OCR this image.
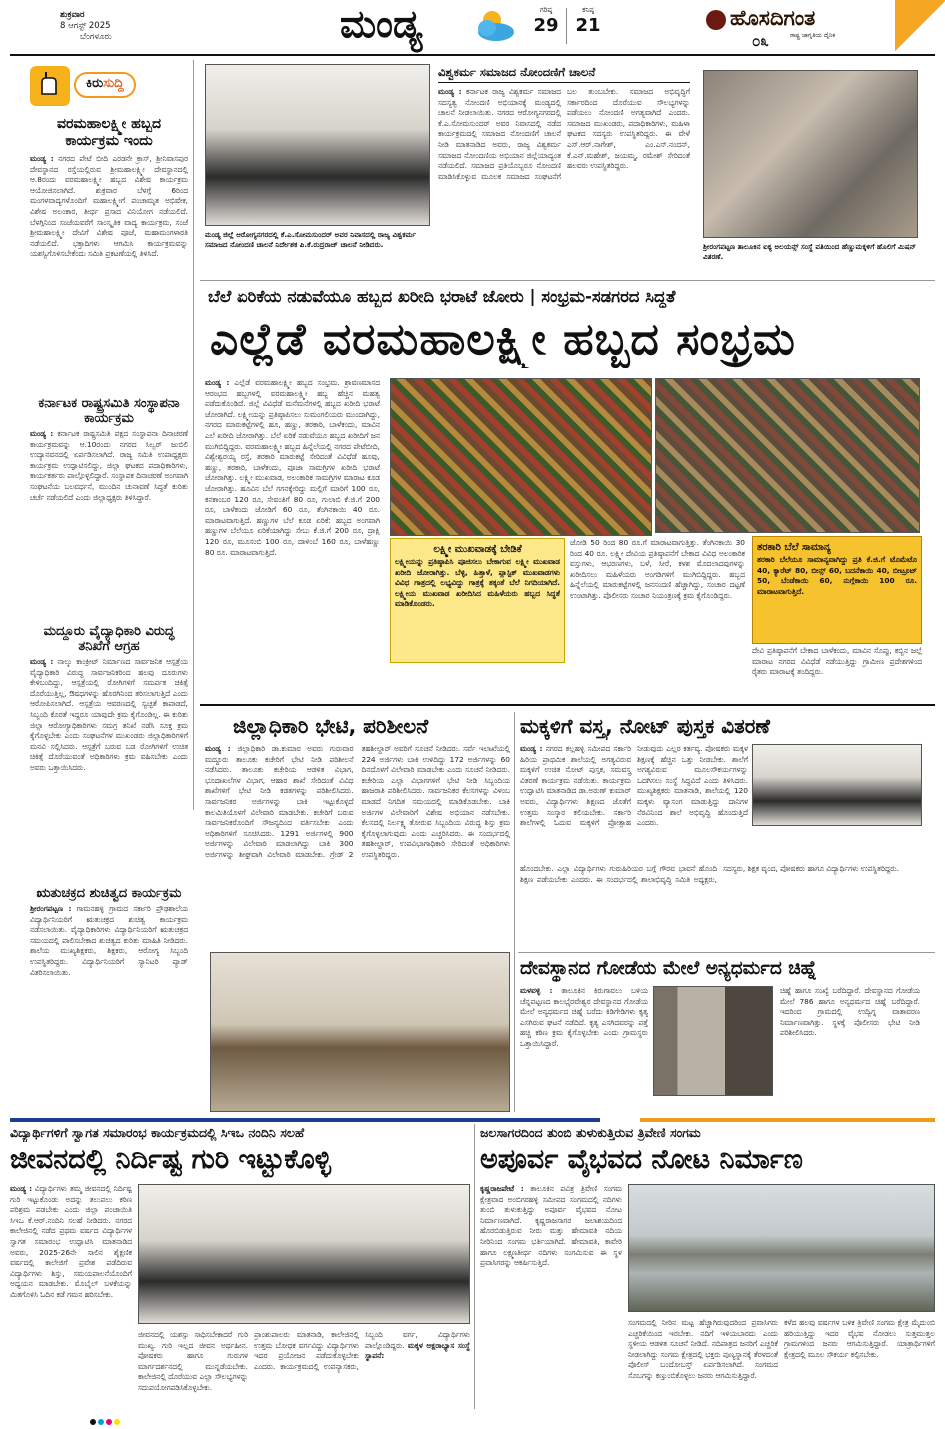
ಶುಕ್ರವಾರ
8 ಆಗಸ್ಟ್ 2025
ಬೆಂಗಳೂರು	ಮಂಡ್ಯ	ಗರಿಷ್ಠ
29
ಕನಿಷ್ಠ
21	ಹೊಸದಿಗಂತ
ರಾಷ್ಟ್ರ ಜಾಗೃತಿಯ ದೈನಿಕ
೦೩
ಕಿರುಸುದ್ದಿ
ವರಮಹಾಲಕ್ಷ್ಮೀ ಹಬ್ಬದ ಕಾರ್ಯಕ್ರಮ ಇಂದು
ಮಂಡ್ಯ : ನಗರದ ಪೇಟೆ ಬೀದಿ ಎರಡನೇ ಕ್ರಾಸ್, ಶ್ರೀನಿವಾಸಪುರ ದೇವಸ್ಥಾನದ ರಸ್ತೆಯಲ್ಲಿರುವ ಶ್ರೀಮಹಾಲಕ್ಷ್ಮೀ ದೇವಸ್ಥಾನದಲ್ಲಿ ಆ.8ರಂದು ವರಮಹಾಲಕ್ಷ್ಮೀ ಹಬ್ಬದ ವಿಶೇಷ ಕಾರ್ಯಕ್ರಮ ಆಯೋಜಿಸಲಾಗಿದೆ. ಶುಕ್ರವಾರ ಬೆಳಗ್ಗೆ 6ರಿಂದ ಮಂಗಳವಾದ್ಯಗಳೊಂದಿಗೆ ಮಹಾಲಕ್ಷ್ಮೀಗೆ ಪಂಚಾಮೃತ ಅಭಿಷೇಕ, ವಿಶೇಷ ಅಲಂಕಾರ, ತೀರ್ಥ ಪ್ರಸಾದ ವಿನಿಯೋಗ ನಡೆಯಲಿದೆ. ಬೆಳಗ್ಗಿನಿಂದ ಸಂಜೆಯವರೆಗೆ ಸಾಂಸ್ಕೃತಿಕ ವಾದ್ಯ ಕಾರ್ಯಕ್ರಮ, ಸಂಜೆ ಶ್ರೀಮಹಾಲಕ್ಷ್ಮೀ ದೇವಿಗೆ ವಿಶೇಷ ಪೂಜೆ, ಮಹಾಮಂಗಳಾರತಿ ನಡೆಯಲಿದೆ. ಭಕ್ತಾದಿಗಳು ಆಗಮಿಸಿ ಕಾರ್ಯಕ್ರಮವನ್ನು ಯಶಸ್ವಿಗೊಳಿಸಬೇಕೆಂದು ಸಮಿತಿ ಪ್ರಕಟಣೆಯಲ್ಲಿ ತಿಳಿಸಿದೆ.
ಕರ್ನಾಟಕ ರಾಷ್ಟ್ರಸಮಿತಿ ಸಂಸ್ಥಾಪನಾ ಕಾರ್ಯಕ್ರಮ
ಮಂಡ್ಯ : ಕರ್ನಾಟಕ ರಾಷ್ಟ್ರಸಮಿತಿ ಪಕ್ಷದ ಸಂಸ್ಥಾಪನಾ ದಿನಾಚರಣೆ ಕಾರ್ಯಕ್ರಮವನ್ನು ಆ.10ರಂದು ನಗರದ ಸಿಲ್ವರ್ ಜುಬಿಲಿ ಉದ್ಯಾನವನದಲ್ಲಿ ಏರ್ಪಡಿಸಲಾಗಿದೆ. ರಾಜ್ಯ ಸಮಿತಿ ಉಪಾಧ್ಯಕ್ಷರು ಕಾರ್ಯಕ್ರಮ ಉದ್ಘಾಟಿಸಲಿದ್ದು, ಜಿಲ್ಲಾ ಘಟಕದ ಪದಾಧಿಕಾರಿಗಳು, ಕಾರ್ಯಕರ್ತರು ಪಾಲ್ಗೊಳ್ಳಲಿದ್ದಾರೆ. ಸಂಸ್ಥಾಪಕ ದಿನಾಚರಣೆ ಅಂಗವಾಗಿ ಸಂಘಟನೆಯ ಬಲವರ್ಧನೆ, ಮುಂದಿನ ಚುನಾವಣೆ ಸಿದ್ಧತೆ ಕುರಿತು ಚರ್ಚೆ ನಡೆಯಲಿದೆ ಎಂದು ಜಿಲ್ಲಾಧ್ಯಕ್ಷರು ತಿಳಿಸಿದ್ದಾರೆ.
ಮದ್ದೂರು ವೈದ್ಯಾಧಿಕಾರಿ ವಿರುದ್ಧ ತನಿಖೆಗೆ ಆಗ್ರಹ
ಮಂಡ್ಯ : ನಾಲ್ಕು ಕಾಂಕ್ರೀಟ್ ನಿರ್ಮಾಣದ ಸಾರ್ವಜನಿಕ ಆಸ್ಪತ್ರೆಯ ವೈದ್ಯಾಧಿಕಾರಿ ವಿರುದ್ಧ ಸಾರ್ವಜನಿಕರಿಂದ ಹಲವು ದೂರುಗಳು ಕೇಳಿಬಂದಿದ್ದು, ಆಸ್ಪತ್ರೆಯಲ್ಲಿ ರೋಗಿಗಳಿಗೆ ಸಮರ್ಪಕ ಚಿಕಿತ್ಸೆ ದೊರೆಯುತ್ತಿಲ್ಲ, ಔಷಧಗಳನ್ನು ಹೊರಗಿನಿಂದ ತರಿಸಲಾಗುತ್ತಿದೆ ಎಂದು ಆರೋಪಿಸಲಾಗಿದೆ. ಆಸ್ಪತ್ರೆಯ ಆವರಣದಲ್ಲಿ ಸ್ವಚ್ಛತೆ ಕಾಪಾಡದೆ, ಸಿಬ್ಬಂದಿ ಕೊರತೆ ಇದ್ದರೂ ಯಾವುದೇ ಕ್ರಮ ಕೈಗೊಂಡಿಲ್ಲ. ಈ ಕುರಿತು ಜಿಲ್ಲಾ ಆರೋಗ್ಯಾಧಿಕಾರಿಗಳು ಸಮಗ್ರ ತನಿಖೆ ನಡೆಸಿ ಸೂಕ್ತ ಕ್ರಮ ಕೈಗೊಳ್ಳಬೇಕು ಎಂದು ಸಂಘಟನೆಗಳ ಮುಖಂಡರು ಜಿಲ್ಲಾಧಿಕಾರಿಗಳಿಗೆ ಮನವಿ ಸಲ್ಲಿಸಿದರು. ಆಸ್ಪತ್ರೆಗೆ ಬರುವ ಬಡ ರೋಗಿಗಳಿಗೆ ಉಚಿತ ಚಿಕಿತ್ಸೆ ದೊರೆಯುವಂತೆ ಅಧಿಕಾರಿಗಳು ಕ್ರಮ ವಹಿಸಬೇಕು ಎಂದು ಅವರು ಒತ್ತಾಯಿಸಿದರು.
ಋತುಚಕ್ರದ ಶುಚಿತ್ವದ ಕಾರ್ಯಕ್ರಮ
ಶ್ರೀರಂಗಪಟ್ಟಣ : ಗಾಮನಹಳ್ಳಿ ಗ್ರಾಮದ ಸರ್ಕಾರಿ ಪ್ರೌಢಶಾಲೆಯ ವಿದ್ಯಾರ್ಥಿನಿಯರಿಗೆ ಋತುಚಕ್ರದ ಶುಚಿತ್ವ ಕಾರ್ಯಕ್ರಮ ನಡೆಸಲಾಯಿತು. ವೈದ್ಯಾಧಿಕಾರಿಗಳು ವಿದ್ಯಾರ್ಥಿನಿಯರಿಗೆ ಋತುಚಕ್ರದ ಸಮಯದಲ್ಲಿ ಪಾಲಿಸಬೇಕಾದ ಶುಚಿತ್ವದ ಕುರಿತು ಮಾಹಿತಿ ನೀಡಿದರು. ಶಾಲೆಯ ಮುಖ್ಯಶಿಕ್ಷಕರು, ಶಿಕ್ಷಕರು, ಆರೋಗ್ಯ ಸಿಬ್ಬಂದಿ ಉಪಸ್ಥಿತರಿದ್ದರು. ವಿದ್ಯಾರ್ಥಿನಿಯರಿಗೆ ಸ್ಯಾನಿಟರಿ ಪ್ಯಾಡ್ ವಿತರಿಸಲಾಯಿತು.
ಮಂಡ್ಯ ಜಿಲ್ಲೆ ಆರೋಗ್ಯನಗರದಲ್ಲಿ ಕೆ.ಎ.ಸೋಮಸುಂದರ್ ಅವರ ನಿವಾಸದಲ್ಲಿ ರಾಜ್ಯ ವಿಶ್ವಕರ್ಮ ಸಮಾಜದ ನೋಂದಣಿ ಚಾಲನೆ ನಿರ್ದೇಶಕ ಪಿ.ಕೆ.ರುದ್ರರಾಜ್ ಚಾಲನೆ ನೀಡಿದರು.
ವಿಶ್ವಕರ್ಮ ಸಮಾಜದ ನೋಂದಣಿಗೆ ಚಾಲನೆ
ಮಂಡ್ಯ : ಕರ್ನಾಟಕ ರಾಜ್ಯ ವಿಶ್ವಕರ್ಮ ಸಮಾಜದ ಸದಸ್ಯತ್ವ ನೋಂದಣಿ ಅಭಿಯಾನಕ್ಕೆ ಮಂಡ್ಯದಲ್ಲಿ ಚಾಲನೆ ನೀಡಲಾಯಿತು. ನಗರದ ಆರೋಗ್ಯನಗರದಲ್ಲಿ ಕೆ.ಎ.ಸೋಮಸುಂದರ್ ಅವರ ನಿವಾಸದಲ್ಲಿ ನಡೆದ ಕಾರ್ಯಕ್ರಮದಲ್ಲಿ ಸಮಾಜದ ನೋಂದಣಿಗೆ ಚಾಲನೆ ನೀಡಿ ಮಾತನಾಡಿದ ಅವರು, ರಾಜ್ಯ ವಿಶ್ವಕರ್ಮ ಸಮಾಜದ ನೋಂದಣಿಯ ಅಭಿಯಾನ ಜಿಲ್ಲೆಯಾದ್ಯಂತ ನಡೆಯಲಿದೆ. ಸಮಾಜದ ಪ್ರತಿಯೊಬ್ಬರೂ ನೋಂದಣಿ ಮಾಡಿಸಿಕೊಳ್ಳುವ ಮೂಲಕ ಸಮಾಜದ ಸಂಘಟನೆಗೆ ಬಲ ತುಂಬಬೇಕು. ಸಮಾಜದ ಅಭಿವೃದ್ಧಿಗೆ ಸರ್ಕಾರದಿಂದ ದೊರೆಯುವ ಸೌಲಭ್ಯಗಳನ್ನು ಪಡೆಯಲು ನೋಂದಣಿ ಅಗತ್ಯವಾಗಿದೆ ಎಂದರು. ಸಮಾಜದ ಮುಖಂಡರು, ಪದಾಧಿಕಾರಿಗಳು, ಮಹಿಳಾ ಘಟಕದ ಸದಸ್ಯರು ಉಪಸ್ಥಿತರಿದ್ದರು. ಈ ವೇಳೆ ಎಸ್.ಆರ್.ನಾಗೇಶ್, ಎಂ.ಎಸ್.ನಂದನ್, ಕೆ.ಎನ್.ಮಹೇಶ್, ಜಯಮ್ಮ, ರಮೇಶ್ ಸೇರಿದಂತೆ ಹಲವರು ಉಪಸ್ಥಿತರಿದ್ದರು.
ಶ್ರೀರಂಗಪಟ್ಟಣ ತಾಲೂಕಿನ ಐಕ್ಯ ಅಲಯನ್ಸ್ ಸಂಸ್ಥೆ ವತಿಯಿಂದ ಹೆಣ್ಣುಮಕ್ಕಳಿಗೆ ಹೊಲಿಗೆ ಮಿಷನ್ ವಿತರಣೆ.
ಬೆಲೆ ಏರಿಕೆಯ ನಡುವೆಯೂ ಹಬ್ಬದ ಖರೀದಿ ಭರಾಟೆ ಜೋರು | ಸಂಭ್ರಮ-ಸಡಗರದ ಸಿದ್ಧತೆ
ಎಲ್ಲೆಡೆ ವರಮಹಾಲಕ್ಷ್ಮೀ ಹಬ್ಬದ ಸಂಭ್ರಮ
ಮಂಡ್ಯ : ಎಲ್ಲೆಡೆ ವರಮಹಾಲಕ್ಷ್ಮೀ ಹಬ್ಬದ ಸಂಭ್ರಮ. ಶ್ರಾವಣಮಾಸದ ಆರಂಭದ ಹಬ್ಬಗಳಲ್ಲಿ ವರಮಹಾಲಕ್ಷ್ಮೀ ಹಬ್ಬ ಹೆಚ್ಚಿನ ಮಹತ್ವ ಪಡೆದುಕೊಂಡಿದೆ. ಜಿಲ್ಲೆ ವಿವಿಧೆಡೆ ಮನೆಮನೆಗಳಲ್ಲಿ ಹಬ್ಬದ ಖರೀದಿ ಭರಾಟೆ ಜೋರಾಗಿದೆ. ಲಕ್ಷ್ಮೀಯನ್ನು ಪ್ರತಿಷ್ಠಾಪಿಸಲು ಸುಮಂಗಲಿಯರು ಮುಂದಾಗಿದ್ದು, ನಗರದ ಮಾರುಕಟ್ಟೆಗಳಲ್ಲಿ ಹೂ, ಹಣ್ಣು, ತರಕಾರಿ, ಬಾಳೆಕಂದು, ಮಾವಿನ ಎಲೆ ಖರೀದಿ ಜೋರಾಗಿತ್ತು. ಬೆಲೆ ಏರಿಕೆ ನಡುವೆಯೂ ಹಬ್ಬದ ಖರೀದಿಗೆ ಜನ ಮುಗಿಬಿದ್ದಿದ್ದರು. ವರಮಹಾಲಕ್ಷ್ಮೀ ಹಬ್ಬದ ಹಿನ್ನೆಲೆಯಲ್ಲಿ ನಗರದ ಪೇಟೆಬೀದಿ, ವಿಶ್ವೇಶ್ವರಯ್ಯ ರಸ್ತೆ, ತರಕಾರಿ ಮಾರುಕಟ್ಟೆ ಸೇರಿದಂತೆ ವಿವಿಧೆಡೆ ಹೂವು, ಹಣ್ಣು, ತರಕಾರಿ, ಬಾಳೆಕಂದು, ಪೂಜಾ ಸಾಮಗ್ರಿಗಳ ಖರೀದಿ ಭರಾಟೆ ಜೋರಾಗಿತ್ತು. ಲಕ್ಷ್ಮೀ ಮುಖವಾಡ, ಅಲಂಕಾರಿಕ ಸಾಮಗ್ರಿಗಳ ಮಾರಾಟ ಕೂಡ ಜೋರಾಗಿತ್ತು. ಹೂವಿನ ಬೆಲೆ ಗಗನಕ್ಕೇರಿದ್ದು ಮಲ್ಲಿಗೆ ಮಾರಿಗೆ 100 ರೂ, ಕನಕಾಂಬರ 120 ರೂ, ಸೇವಂತಿಗೆ 80 ರೂ, ಗುಲಾಬಿ ಕೆ.ಜಿ.ಗೆ 200 ರೂ, ಬಾಳೆಕಂದು ಜೋಡಿಗೆ 60 ರೂ, ತೆಂಗಿನಕಾಯಿ 40 ರೂ. ಮಾರಾಟವಾಗುತ್ತಿದೆ. ಹಣ್ಣುಗಳ ಬೆಲೆ ಕೂಡ ಏರಿಕೆ: ಹಬ್ಬದ ಅಂಗವಾಗಿ ಹಣ್ಣುಗಳ ಬೆಲೆಯೂ ಏರಿಕೆಯಾಗಿದ್ದು ಸೇಬು ಕೆ.ಜಿ.ಗೆ 200 ರೂ, ದ್ರಾಕ್ಷಿ 120 ರೂ, ಮೂಸಂಬಿ 100 ರೂ, ದಾಳಿಂಬೆ 160 ರೂ, ಬಾಳೆಹಣ್ಣು 80 ರೂ. ಮಾರಾಟವಾಗುತ್ತಿದೆ.	ಲಕ್ಷ್ಮೀ ಮುಖವಾಡಕ್ಕೆ ಬೇಡಿಕೆ
ಲಕ್ಷ್ಮೀಯನ್ನು ಪ್ರತಿಷ್ಠಾಪಿಸಿ ಪೂಜಿಸಲು ಬೇಕಾಗುವ ಲಕ್ಷ್ಮೀ ಮುಖವಾಡ ಖರೀದಿ ಜೋರಾಗಿತ್ತು. ಬೆಳ್ಳಿ, ಹಿತ್ತಾಳೆ, ಪ್ಲಾಸ್ಟಿಕ್ ಮುಖವಾಡಗಳು ವಿವಿಧ ಗಾತ್ರದಲ್ಲಿ ಲಭ್ಯವಿದ್ದು ಗಾತ್ರಕ್ಕೆ ತಕ್ಕಂತೆ ಬೆಲೆ ನಿಗದಿಯಾಗಿದೆ. ಲಕ್ಷ್ಮೀಯ ಮುಖವಾಡ ಖರೀದಿಸಿದ ಮಹಿಳೆಯರು ಹಬ್ಬದ ಸಿದ್ಧತೆ ಮಾಡಿಕೊಂಡರು.
ಜೋಡಿ 50 ರಿಂದ 80 ರೂ.ಗೆ ಮಾರಾಟವಾಗುತ್ತಿತ್ತು. ತೆಂಗಿನಕಾಯಿ 30 ರಿಂದ 40 ರೂ. ಲಕ್ಷ್ಮೀ ದೇವಿಯ ಪ್ರತಿಷ್ಠಾಪನೆಗೆ ಬೇಕಾದ ವಿವಿಧ ಅಲಂಕಾರಿಕ ವಸ್ತುಗಳು, ಆಭರಣಗಳು, ಬಳೆ, ಸೀರೆ, ಕಳಶ ಮೊದಲಾದವುಗಳನ್ನು ಖರೀದಿಸಲು ಮಹಿಳೆಯರು ಅಂಗಡಿಗಳಿಗೆ ಮುಗಿಬಿದ್ದಿದ್ದರು. ಹಬ್ಬದ ಹಿನ್ನೆಲೆಯಲ್ಲಿ ಮಾರುಕಟ್ಟೆಗಳಲ್ಲಿ ಜನಸಂದಣಿ ಹೆಚ್ಚಾಗಿದ್ದು, ಸಂಚಾರ ದಟ್ಟಣೆ ಉಂಟಾಗಿತ್ತು. ಪೊಲೀಸರು ಸಂಚಾರ ನಿಯಂತ್ರಣಕ್ಕೆ ಕ್ರಮ ಕೈಗೊಂಡಿದ್ದರು.
ತರಕಾರಿ ಬೆಲೆ ಸಾಮಾನ್ಯ
ತರಕಾರಿ ಬೆಲೆಯೂ ಸಾಮಾನ್ಯವಾಗಿದ್ದು ಪ್ರತಿ ಕೆ.ಜಿ.ಗೆ ಟೊಮೆಟೊ 40, ಕ್ಯಾರೆಟ್ 80, ಬೀನ್ಸ್ 60, ಬದನೆಕಾಯಿ 40, ಬೀಟ್ರೂಟ್ 50, ಬೆಂಡೆಕಾಯಿ 60, ನುಗ್ಗೆಕಾಯಿ 100 ರೂ. ಮಾರಾಟವಾಗುತ್ತಿದೆ.
ದೇವಿ ಪ್ರತಿಷ್ಠಾಪನೆಗೆ ಬೇಕಾದ ಬಾಳೆಕಂದು, ಮಾವಿನ ಸೊಪ್ಪು, ಕಬ್ಬಿನ ಜಲ್ಲೆ ಮಾರಾಟ ನಗರದ ವಿವಿಧೆಡೆ ನಡೆಯುತ್ತಿದ್ದು ಗ್ರಾಮೀಣ ಪ್ರದೇಶಗಳಿಂದ ರೈತರು ಮಾರಾಟಕ್ಕೆ ತಂದಿದ್ದರು.
ಜಿಲ್ಲಾಧಿಕಾರಿ ಭೇಟಿ, ಪರಿಶೀಲನೆ
ಮಂಡ್ಯ : ಜಿಲ್ಲಾಧಿಕಾರಿ ಡಾ.ಕುಮಾರ ಅವರು ಗುರುವಾರ ಮದ್ದೂರು ತಾಲೂಕು ಕಚೇರಿಗೆ ಭೇಟಿ ನೀಡಿ ಪರಿಶೀಲನೆ ನಡೆಸಿದರು. ತಾಲೂಕು ಕಚೇರಿಯ ಆಡಳಿತ ವಿಭಾಗ, ಭೂದಾಖಲೆಗಳ ವಿಭಾಗ, ಆಹಾರ ಶಾಖೆ ಸೇರಿದಂತೆ ವಿವಿಧ ಶಾಖೆಗಳಿಗೆ ಭೇಟಿ ನೀಡಿ ಕಡತಗಳನ್ನು ಪರಿಶೀಲಿಸಿದರು. ಸಾರ್ವಜನಿಕರ ಅರ್ಜಿಗಳನ್ನು ಬಾಕಿ ಇಟ್ಟುಕೊಳ್ಳದೆ ಕಾಲಮಿತಿಯೊಳಗೆ ವಿಲೇವಾರಿ ಮಾಡಬೇಕು. ಕಚೇರಿಗೆ ಬರುವ ಸಾರ್ವಜನಿಕರೊಂದಿಗೆ ಸೌಜನ್ಯದಿಂದ ವರ್ತಿಸಬೇಕು ಎಂದು ಅಧಿಕಾರಿಗಳಿಗೆ ಸೂಚಿಸಿದರು. 1291 ಅರ್ಜಿಗಳಲ್ಲಿ 900 ಅರ್ಜಿಗಳನ್ನು ವಿಲೇವಾರಿ ಮಾಡಲಾಗಿದ್ದು ಬಾಕಿ 300 ಅರ್ಜಿಗಳನ್ನು ಶೀಘ್ರವಾಗಿ ವಿಲೇವಾರಿ ಮಾಡಬೇಕು. ಗ್ರೇಡ್ 2 ತಹಶೀಲ್ದಾರ್ ಅವರಿಗೆ ಸೂಚನೆ ನೀಡಿದರು. ಸರ್ವೆ ಇಲಾಖೆಯಲ್ಲಿ 224 ಅರ್ಜಿಗಳು ಬಾಕಿ ಉಳಿದಿದ್ದು 172 ಅರ್ಜಿಗಳನ್ನು 60 ದಿನದೊಳಗೆ ವಿಲೇವಾರಿ ಮಾಡಬೇಕು ಎಂದು ಸೂಚನೆ ನೀಡಿದರು. ಕಚೇರಿಯ ಎಲ್ಲಾ ವಿಭಾಗಗಳಿಗೆ ಭೇಟಿ ನೀಡಿ ಸಿಬ್ಬಂದಿಯ ಹಾಜರಾತಿ ಪರಿಶೀಲಿಸಿದರು. ಸಾರ್ವಜನಿಕರ ಕೆಲಸಗಳನ್ನು ವಿಳಂಬ ಮಾಡದೆ ನಿಗದಿತ ಸಮಯದಲ್ಲಿ ಮಾಡಿಕೊಡಬೇಕು. ಬಾಕಿ ಅರ್ಜಿಗಳ ವಿಲೇವಾರಿಗೆ ವಿಶೇಷ ಅಭಿಯಾನ ನಡೆಸಬೇಕು. ಕೆಲಸದಲ್ಲಿ ನಿರ್ಲಕ್ಷ್ಯ ತೋರುವ ಸಿಬ್ಬಂದಿಯ ವಿರುದ್ಧ ಶಿಸ್ತು ಕ್ರಮ ಕೈಗೊಳ್ಳಲಾಗುವುದು ಎಂದು ಎಚ್ಚರಿಸಿದರು. ಈ ಸಂದರ್ಭದಲ್ಲಿ ತಹಶೀಲ್ದಾರ್, ಉಪವಿಭಾಗಾಧಿಕಾರಿ ಸೇರಿದಂತೆ ಅಧಿಕಾರಿಗಳು ಉಪಸ್ಥಿತರಿದ್ದರು.
ಮಕ್ಕಳಿಗೆ ವಸ್ತ್ರ, ನೋಟ್ ಪುಸ್ತಕ ವಿತರಣೆ
ಮಂಡ್ಯ : ನಗರದ ಕಲ್ಲಹಳ್ಳಿ ಸಮೀಪದ ಸರ್ಕಾರಿ ಹಿರಿಯ ಪ್ರಾಥಮಿಕ ಶಾಲೆಯಲ್ಲಿ ಅಗತ್ಯವಿರುವ ಮಕ್ಕಳಿಗೆ ಉಚಿತ ನೋಟ್ ಪುಸ್ತಕ, ಸಮವಸ್ತ್ರ ವಿತರಣೆ ಕಾರ್ಯಕ್ರಮ ನಡೆಯಿತು. ಕಾರ್ಯಕ್ರಮ ಉದ್ಘಾಟಿಸಿ ಮಾತನಾಡಿದ ಡಾ.ಅರುಣ್ ಕುಮಾರ್ ಅವರು, ವಿದ್ಯಾರ್ಥಿಗಳು ಶಿಕ್ಷಣದ ಜೊತೆಗೆ ಉತ್ತಮ ಸಂಸ್ಕಾರ ಕಲಿಯಬೇಕು. ಸರ್ಕಾರಿ ಶಾಲೆಗಳಲ್ಲಿ ಓದುವ ಮಕ್ಕಳಿಗೆ ಪ್ರೋತ್ಸಾಹ ನೀಡುವುದು ಎಲ್ಲರ ಕರ್ತವ್ಯ. ಪೋಷಕರು ಮಕ್ಕಳ ಶಿಕ್ಷಣಕ್ಕೆ ಹೆಚ್ಚಿನ ಒತ್ತು ನೀಡಬೇಕು. ಶಾಲೆಗೆ ಅಗತ್ಯವಿರುವ ಮೂಲಸೌಕರ್ಯಗಳನ್ನು ಒದಗಿಸಲು ಸಂಸ್ಥೆ ಸಿದ್ಧವಿದೆ ಎಂದು ತಿಳಿಸಿದರು. ಮುಖ್ಯಶಿಕ್ಷಕರು ಮಾತನಾಡಿ, ಶಾಲೆಯಲ್ಲಿ 120 ಮಕ್ಕಳು ವ್ಯಾಸಂಗ ಮಾಡುತ್ತಿದ್ದು ದಾನಿಗಳ ನೆರವಿನಿಂದ ಶಾಲೆ ಅಭಿವೃದ್ಧಿ ಹೊಂದುತ್ತಿದೆ ಎಂದರು.
ಹೊಂದಬೇಕು. ಎಲ್ಲಾ ವಿದ್ಯಾರ್ಥಿಗಳು ಗುರುಹಿರಿಯರ ಬಗ್ಗೆ ಗೌರವ ಭಾವನೆ ಹೊಂದಿ ಶಿಕ್ಷಣ ಪಡೆಯಬೇಕು ಎಂದರು. ಈ ಸಂದರ್ಭದಲ್ಲಿ ಶಾಲಾಭಿವೃದ್ಧಿ ಸಮಿತಿ ಅಧ್ಯಕ್ಷರು, ಸದಸ್ಯರು, ಶಿಕ್ಷಕ ವೃಂದ, ಪೋಷಕರು ಹಾಗೂ ವಿದ್ಯಾರ್ಥಿಗಳು ಉಪಸ್ಥಿತರಿದ್ದರು.
ದೇವಸ್ಥಾನದ ಗೋಡೆಯ ಮೇಲೆ ಅನ್ಯಧರ್ಮದ ಚಿಹ್ನೆ
ಮಳವಳ್ಳಿ : ತಾಲೂಕಿನ ಕಿರುಗಾವಲು ಬಳಿಯ ಚೆನ್ನಪಟ್ಟಣದ ಕಾಲಭೈರವೇಶ್ವರ ದೇವಸ್ಥಾನದ ಗೋಡೆಯ ಮೇಲೆ ಅನ್ಯಧರ್ಮದ ಚಿಹ್ನೆ ಬರೆದು ಕಿಡಿಗೇಡಿಗಳು ಕೃತ್ಯ ಎಸಗಿರುವ ಘಟನೆ ನಡೆದಿದೆ. ಕೃತ್ಯ ಎಸಗಿದವರನ್ನು ಪತ್ತೆ ಹಚ್ಚಿ ಕಠಿಣ ಕ್ರಮ ಕೈಗೊಳ್ಳಬೇಕು ಎಂದು ಗ್ರಾಮಸ್ಥರು ಒತ್ತಾಯಿಸಿದ್ದಾರೆ.
ಚಿಹ್ನೆ ಹಾಗೂ ಸಂಖ್ಯೆ ಬರೆದಿದ್ದಾರೆ. ದೇವಸ್ಥಾನದ ಗೋಡೆಯ ಮೇಲೆ 786 ಹಾಗೂ ಅನ್ಯಧರ್ಮದ ಚಿಹ್ನೆ ಬರೆದಿದ್ದಾರೆ. ಇದರಿಂದ ಗ್ರಾಮದಲ್ಲಿ ಉದ್ವಿಗ್ನ ವಾತಾವರಣ ನಿರ್ಮಾಣವಾಗಿತ್ತು. ಸ್ಥಳಕ್ಕೆ ಪೊಲೀಸರು ಭೇಟಿ ನೀಡಿ ಪರಿಶೀಲಿಸಿದರು.
ವಿದ್ಯಾರ್ಥಿಗಳಿಗೆ ಸ್ವಾಗತ ಸಮಾರಂಭ ಕಾರ್ಯಕ್ರಮದಲ್ಲಿ ಸಿಇಒ ನಂದಿನಿ ಸಲಹೆ
ಜೀವನದಲ್ಲಿ ನಿರ್ದಿಷ್ಟ ಗುರಿ ಇಟ್ಟುಕೊಳ್ಳಿ
ಮಂಡ್ಯ : ವಿದ್ಯಾರ್ಥಿಗಳು ತಮ್ಮ ಜೀವನದಲ್ಲಿ ನಿರ್ದಿಷ್ಟ ಗುರಿ ಇಟ್ಟುಕೊಂಡು ಅದನ್ನು ತಲುಪಲು ಕಠಿಣ ಪರಿಶ್ರಮ ಪಡಬೇಕು ಎಂದು ಜಿಲ್ಲಾ ಪಂಚಾಯಿತಿ ಸಿಇಒ ಕೆ.ಆರ್.ನಂದಿನಿ ಸಲಹೆ ನೀಡಿದರು. ನಗರದ ಕಾಲೇಜಿನಲ್ಲಿ ನಡೆದ ಪ್ರಥಮ ವರ್ಷದ ವಿದ್ಯಾರ್ಥಿಗಳ ಸ್ವಾಗತ ಸಮಾರಂಭ ಉದ್ಘಾಟಿಸಿ ಮಾತನಾಡಿದ ಅವರು, 2025-26ನೇ ಸಾಲಿನ ಶೈಕ್ಷಣಿಕ ವರ್ಷದಲ್ಲಿ ಕಾಲೇಜಿಗೆ ಪ್ರವೇಶ ಪಡೆದಿರುವ ವಿದ್ಯಾರ್ಥಿಗಳು ಶಿಸ್ತು, ಸಮಯಪಾಲನೆಯೊಂದಿಗೆ ಅಧ್ಯಯನ ಮಾಡಬೇಕು. ಮೊಬೈಲ್ ಬಳಕೆಯನ್ನು ಮಿತಗೊಳಿಸಿ ಓದಿನ ಕಡೆ ಗಮನ ಹರಿಸಬೇಕು.
ಜೀವನದಲ್ಲಿ ಯಶಸ್ಸು ಸಾಧಿಸಬೇಕಾದರೆ ಗುರಿ ಮುಖ್ಯ. ಗುರಿ ಇಲ್ಲದ ಜೀವನ ಅರ್ಥಹೀನ. ಪೋಷಕರು ಹಾಗೂ ಗುರುಗಳ ಮಾರ್ಗದರ್ಶನದಲ್ಲಿ ಮುನ್ನಡೆಯಬೇಕು. ಕಾಲೇಜಿನಲ್ಲಿ ದೊರೆಯುವ ಎಲ್ಲಾ ಸೌಲಭ್ಯಗಳನ್ನು ಸದುಪಯೋಗಪಡಿಸಿಕೊಳ್ಳಬೇಕು.
ಪ್ರಾಂಶುಪಾಲರು ಮಾತನಾಡಿ, ಕಾಲೇಜಿನಲ್ಲಿ ಉತ್ತಮ ಬೋಧಕ ವರ್ಗವಿದ್ದು ವಿದ್ಯಾರ್ಥಿಗಳು ಇದರ ಪ್ರಯೋಜನ ಪಡೆದುಕೊಳ್ಳಬೇಕು ಎಂದರು. ಕಾರ್ಯಕ್ರಮದಲ್ಲಿ ಉಪನ್ಯಾಸಕರು, ಸಿಬ್ಬಂದಿ ವರ್ಗ, ವಿದ್ಯಾರ್ಥಿಗಳು ಪಾಲ್ಗೊಂಡಿದ್ದರು. ಮಕ್ಕಳ ಅಕ್ಷರಾಭ್ಯಾಸ ಸಂಸ್ಥೆ ಸ್ಥಾಪನೆ:
ಜಲಸಾಗರದಿಂದ ತುಂಬಿ ತುಳುಕುತ್ತಿರುವ ತ್ರಿವೇಣಿ ಸಂಗಮ
ಅಪೂರ್ವ ವೈಭವದ ನೋಟ ನಿರ್ಮಾಣ
ಕೃಷ್ಣರಾಜಪೇಟೆ : ತಾಲೂಕಿನ ಪವಿತ್ರ ತ್ರಿವೇಣಿ ಸಂಗಮ ಕ್ಷೇತ್ರವಾದ ಅಂಬಿಗರಹಳ್ಳಿ ಸಮೀಪದ ಸಂಗಮದಲ್ಲಿ ನದಿಗಳು ತುಂಬಿ ತುಳುಕುತ್ತಿದ್ದು ಅಪೂರ್ವ ವೈಭವದ ನೋಟ ನಿರ್ಮಾಣವಾಗಿದೆ. ಕೃಷ್ಣರಾಜಸಾಗರ ಜಲಾಶಯದಿಂದ ಹೊರಬಿಡುತ್ತಿರುವ ನೀರು ಮತ್ತು ಹೇಮಾವತಿ ನದಿಯ ನೀರಿನಿಂದ ಸಂಗಮ ಭರ್ತಿಯಾಗಿದೆ. ಹೇಮಾವತಿ, ಕಾವೇರಿ ಹಾಗೂ ಲಕ್ಷ್ಮಣತೀರ್ಥ ನದಿಗಳು ಸಂಗಮಿಸುವ ಈ ಸ್ಥಳ ಪ್ರವಾಸಿಗರನ್ನು ಆಕರ್ಷಿಸುತ್ತಿದೆ.
ಸಂಗಮದಲ್ಲಿ ನೀರಿನ ಮಟ್ಟ ಹೆಚ್ಚಾಗಿರುವುದರಿಂದ ಪ್ರವಾಸಿಗರು ಎಚ್ಚರಿಕೆಯಿಂದ ಇರಬೇಕು. ನದಿಗೆ ಇಳಿಯಬಾರದು ಎಂದು ಸ್ಥಳೀಯ ಆಡಳಿತ ಸೂಚನೆ ನೀಡಿದೆ. ನದಿಪಾತ್ರದ ಜನರಿಗೆ ಎಚ್ಚರಿಕೆ ನೀಡಲಾಗಿದ್ದು ಸಂಗಮ ಕ್ಷೇತ್ರದಲ್ಲಿ ಭಕ್ತರು ಪುಣ್ಯಸ್ನಾನಕ್ಕೆ ತೆರಳದಂತೆ ಪೊಲೀಸ್ ಬಂದೋಬಸ್ತ್ ಏರ್ಪಡಿಸಲಾಗಿದೆ. ಸಂಗಮದ ಸೊಬಗನ್ನು ಕಣ್ತುಂಬಿಕೊಳ್ಳಲು ಜನರು ಆಗಮಿಸುತ್ತಿದ್ದಾರೆ.
ಕಳೆದ ಹಲವು ವರ್ಷಗಳ ಬಳಿಕ ತ್ರಿವೇಣಿ ಸಂಗಮ ಕ್ಷೇತ್ರ ಮೈದುಂಬಿ ಹರಿಯುತ್ತಿದ್ದು ಇದರ ವೈಭವ ನೋಡಲು ಸುತ್ತಮುತ್ತಲ ಗ್ರಾಮಗಳಿಂದ ಜನರು ಆಗಮಿಸುತ್ತಿದ್ದಾರೆ. ಯಾತ್ರಾರ್ಥಿಗಳಿಗೆ ಕ್ಷೇತ್ರದಲ್ಲಿ ಮೂಲ ಸೌಕರ್ಯ ಕಲ್ಪಿಸಬೇಕು.
